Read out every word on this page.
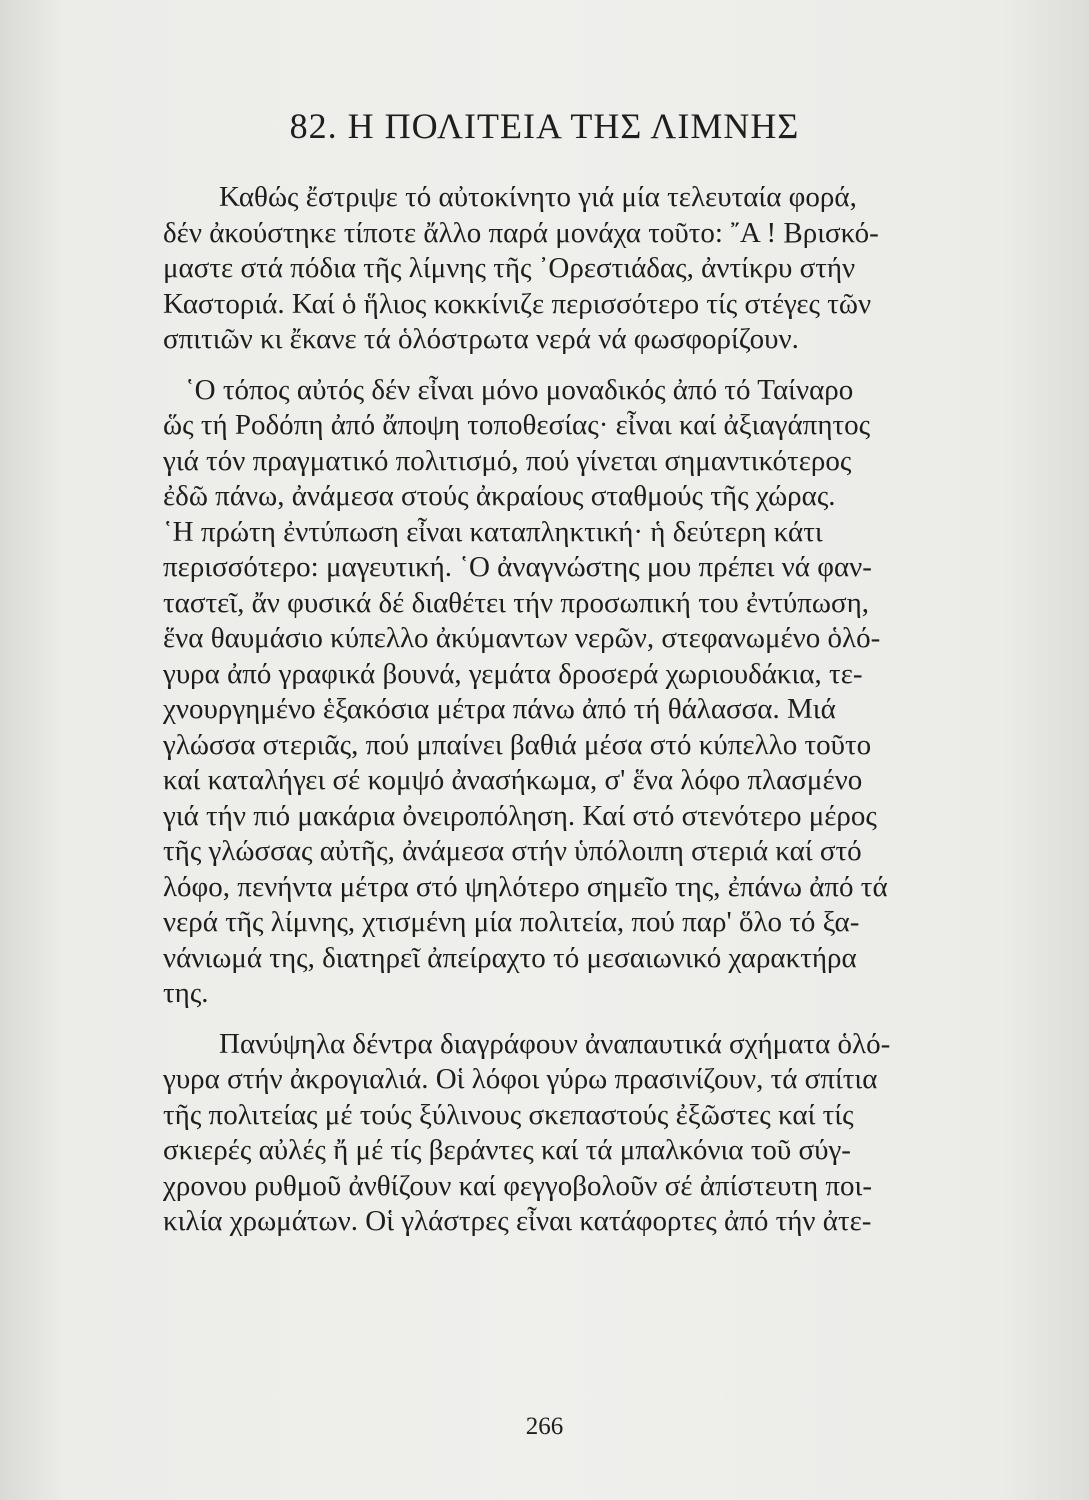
82. Η ΠΟΛΙΤΕΙΑ ΤΗΣ ΛΙΜΝΗΣ

Καθώς ἔστριψε τό αὐτοκίνητο γιά μία τελευταία φορά,
δέν ἀκούστηκε τίποτε ἄλλο παρά μονάχα τοῦτο: ῎Α ! Βρισκό-
μαστε στά πόδια τῆς λίμνης τῆς ᾿Ορεστιάδας, ἀντίκρυ στήν
Καστοριά. Καί ὁ ἥλιος κοκκίνιζε περισσότερο τίς στέγες τῶν
σπιτιῶν κι ἔκανε τά ὁλόστρωτα νερά νά φωσφορίζουν.

῾Ο τόπος αὐτός δέν εἶναι μόνο μοναδικός ἀπό τό Ταίναρο
ὥς τή Ροδόπη ἀπό ἄποψη τοποθεσίας· εἶναι καί ἀξιαγάπητος
γιά τόν πραγματικό πολιτισμό, πού γίνεται σημαντικότερος
ἐδῶ πάνω, ἀνάμεσα στούς ἀκραίους σταθμούς τῆς χώρας.
῾Η πρώτη ἐντύπωση εἶναι καταπληκτική· ἡ δεύτερη κάτι
περισσότερο: μαγευτική. ῾Ο ἀναγνώστης μου πρέπει νά φαν-
ταστεῖ, ἄν φυσικά δέ διαθέτει τήν προσωπική του ἐντύπωση,
ἕνα θαυμάσιο κύπελλο ἀκύμαντων νερῶν, στεφανωμένο ὁλό-
γυρα ἀπό γραφικά βουνά, γεμάτα δροσερά χωριουδάκια, τε-
χνουργημένο ἑξακόσια μέτρα πάνω ἀπό τή θάλασσα. Μιά
γλώσσα στεριᾶς, πού μπαίνει βαθιά μέσα στό κύπελλο τοῦτο
καί καταλήγει σέ κομψό ἀνασήκωμα, σ' ἕνα λόφο πλασμένο
γιά τήν πιό μακάρια ὀνειροπόληση. Καί στό στενότερο μέρος
τῆς γλώσσας αὐτῆς, ἀνάμεσα στήν ὑπόλοιπη στεριά καί στό
λόφο, πενήντα μέτρα στό ψηλότερο σημεῖο της, ἐπάνω ἀπό τά
νερά τῆς λίμνης, χτισμένη μία πολιτεία, πού παρ' ὅλο τό ξα-
νάνιωμά της, διατηρεῖ ἀπείραχτο τό μεσαιωνικό χαρακτήρα
της.

Πανύψηλα δέντρα διαγράφουν ἀναπαυτικά σχήματα ὁλό-
γυρα στήν ἀκρογιαλιά. Οἱ λόφοι γύρω πρασινίζουν, τά σπίτια
τῆς πολιτείας μέ τούς ξύλινους σκεπαστούς ἐξῶστες καί τίς
σκιερές αὐλές ἤ μέ τίς βεράντες καί τά μπαλκόνια τοῦ σύγ-
χρονου ρυθμοῦ ἀνθίζουν καί φεγγοβολοῦν σέ ἀπίστευτη ποι-
κιλία χρωμάτων. Οἱ γλάστρες εἶναι κατάφορτες ἀπό τήν ἀτε-

266
